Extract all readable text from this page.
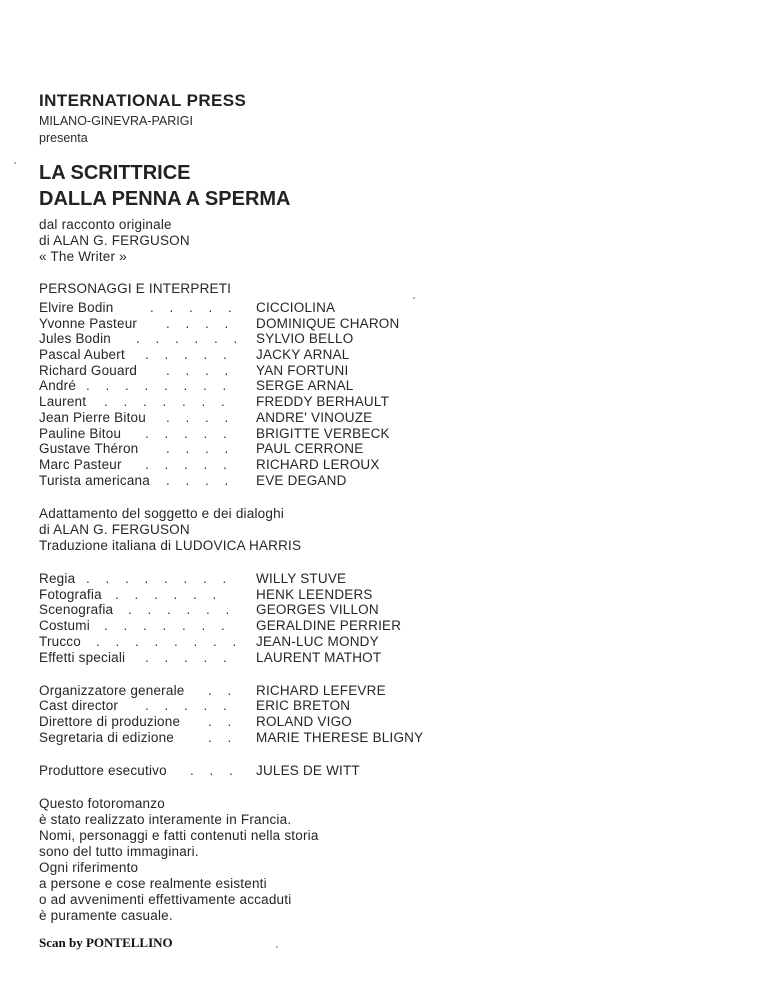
INTERNATIONAL PRESS
MILANO-GINEVRA-PARIGI
presenta
LA SCRITTRICE
DALLA PENNA A SPERMA
dal racconto originale
di ALAN G. FERGUSON
« The Writer »
PERSONAGGI E INTERPRETI
Elvire Bodin	. . . . . CICCIOLINA
Yvonne Pasteur . . . . DOMINIQUE CHARON
Jules Bodin . . . . . . SYLVIO BELLO
Pascal Aubert . . . . . JACKY ARNAL
Richard Gouard . . . . YAN FORTUNI
André . . . . . . . . SERGE ARNAL
Laurent . . . . . . . FREDDY BERHAULT
Jean Pierre Bitou . . . . ANDRE' VINOUZE
Pauline Bitou . . . . . BRIGITTE VERBECK
Gustave Théron . . . . PAUL CERRONE
Marc Pasteur . . . . . RICHARD LEROUX
Turista americana . . . . EVE DEGAND
Adattamento del soggetto e dei dialoghi
di ALAN G. FERGUSON
Traduzione italiana di LUDOVICA HARRIS
Regia . . . . . . . . WILLY STUVE
Fotografia . . . . . . HENK LEENDERS
Scenografia . . . . . . GEORGES VILLON
Costumi . . . . . . . GERALDINE PERRIER
Trucco . . . . . . . . JEAN-LUC MONDY
Effetti speciali . . . . . LAURENT MATHOT
Organizzatore generale . . RICHARD LEFEVRE
Cast director . . . . . ERIC BRETON
Direttore di produzione . . ROLAND VIGO
Segretaria di edizione	. . MARIE THERESE BLIGNY
Produttore esecutivo . . . JULES DE WITT
Questo fotoromanzo
è stato realizzato interamente in Francia.
Nomi, personaggi e fatti contenuti nella storia
sono del tutto immaginari.
Ogni riferimento
a persone e cose realmente esistenti
o ad avvenimenti effettivamente accaduti
è puramente casuale.
Scan by PONTELLINO
